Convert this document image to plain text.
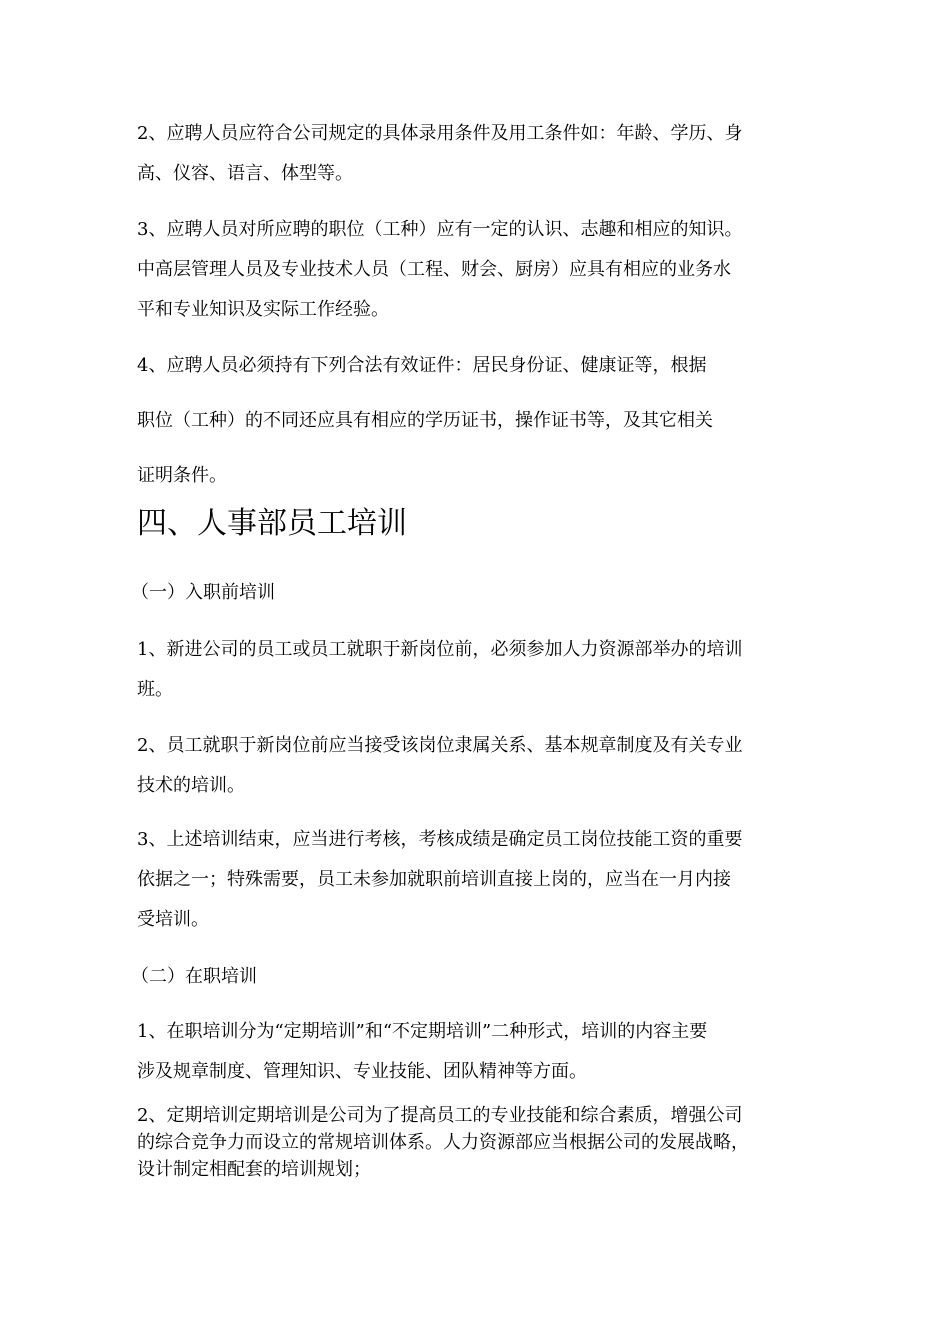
2、应聘人员应符合公司规定的具体录用条件及用工条件如：年龄、学历、身
高、仪容、语言、体型等。

3、应聘人员对所应聘的职位（工种）应有一定的认识、志趣和相应的知识。
中高层管理人员及专业技术人员（工程、财会、厨房）应具有相应的业务水
平和专业知识及实际工作经验。

4、应聘人员必须持有下列合法有效证件：居民身份证、健康证等，根据
职位（工种）的不同还应具有相应的学历证书，操作证书等，及其它相关
证明条件。

四、人事部员工培训
（一）入职前培训

1、新进公司的员工或员工就职于新岗位前，必须参加人力资源部举办的培训
班。

2、员工就职于新岗位前应当接受该岗位隶属关系、基本规章制度及有关专业
技术的培训。

3、上述培训结束，应当进行考核，考核成绩是确定员工岗位技能工资的重要
依据之一；特殊需要，员工未参加就职前培训直接上岗的，应当在一月内接
受培训。

（二）在职培训

1、在职培训分为“定期培训”和“不定期培训”二种形式，培训的内容主要
涉及规章制度、管理知识、专业技能、团队精神等方面。

2、定期培训定期培训是公司为了提高员工的专业技能和综合素质，增强公司
的综合竞争力而设立的常规培训体系。人力资源部应当根据公司的发展战略，
设计制定相配套的培训规划；
